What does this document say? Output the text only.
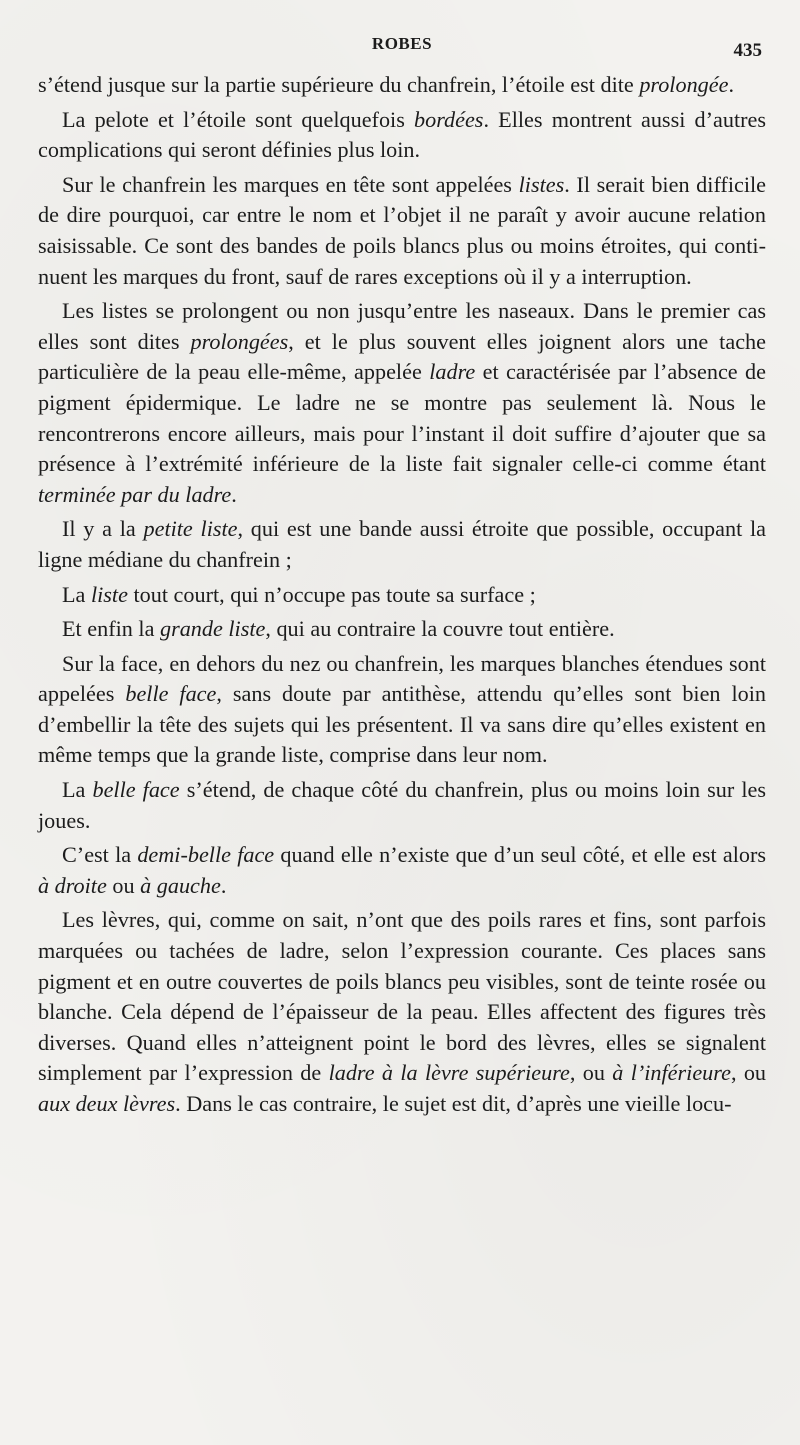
ROBES	435

s’étend jusque sur la partie supérieure du chanfrein, l’étoile est dite prolongée.

La pelote et l’étoile sont quelquefois bordées. Elles montrent aussi d’autres complications qui seront définies plus loin.

Sur le chanfrein les marques en tête sont appelées listes. Il serait bien difficile de dire pourquoi, car entre le nom et l’objet il ne paraît y avoir aucune relation saisissable. Ce sont des bandes de poils blancs plus ou moins étroites, qui continuent les marques du front, sauf de rares exceptions où il y a interruption.

Les listes se prolongent ou non jusqu’entre les naseaux. Dans le premier cas elles sont dites prolongées, et le plus souvent elles joignent alors une tache particulière de la peau elle-même, appelée ladre et caractérisée par l’absence de pigment épidermique. Le ladre ne se montre pas seulement là. Nous le rencontrerons encore ailleurs, mais pour l’instant il doit suffire d’ajouter que sa présence à l’extrémité inférieure de la liste fait signaler celle-ci comme étant terminée par du ladre.

Il y a la petite liste, qui est une bande aussi étroite que possible, occupant la ligne médiane du chanfrein ;

La liste tout court, qui n’occupe pas toute sa surface ;

Et enfin la grande liste, qui au contraire la couvre tout entière.

Sur la face, en dehors du nez ou chanfrein, les marques blanches étendues sont appelées belle face, sans doute par antithèse, attendu qu’elles sont bien loin d’embellir la tête des sujets qui les présentent. Il va sans dire qu’elles existent en même temps que la grande liste, comprise dans leur nom.

La belle face s’étend, de chaque côté du chanfrein, plus ou moins loin sur les joues.

C’est la demi-belle face quand elle n’existe que d’un seul côté, et elle est alors à droite ou à gauche.

Les lèvres, qui, comme on sait, n’ont que des poils rares et fins, sont parfois marquées ou tachées de ladre, selon l’expression courante. Ces places sans pigment et en outre couvertes de poils blancs peu visibles, sont de teinte rosée ou blanche. Cela dépend de l’épaisseur de la peau. Elles affectent des figures très diverses. Quand elles n’atteignent point le bord des lèvres, elles se signalent simplement par l’expression de ladre à la lèvre supérieure, ou à l’inférieure, ou aux deux lèvres. Dans le cas contraire, le sujet est dit, d’après une vieille locu-
